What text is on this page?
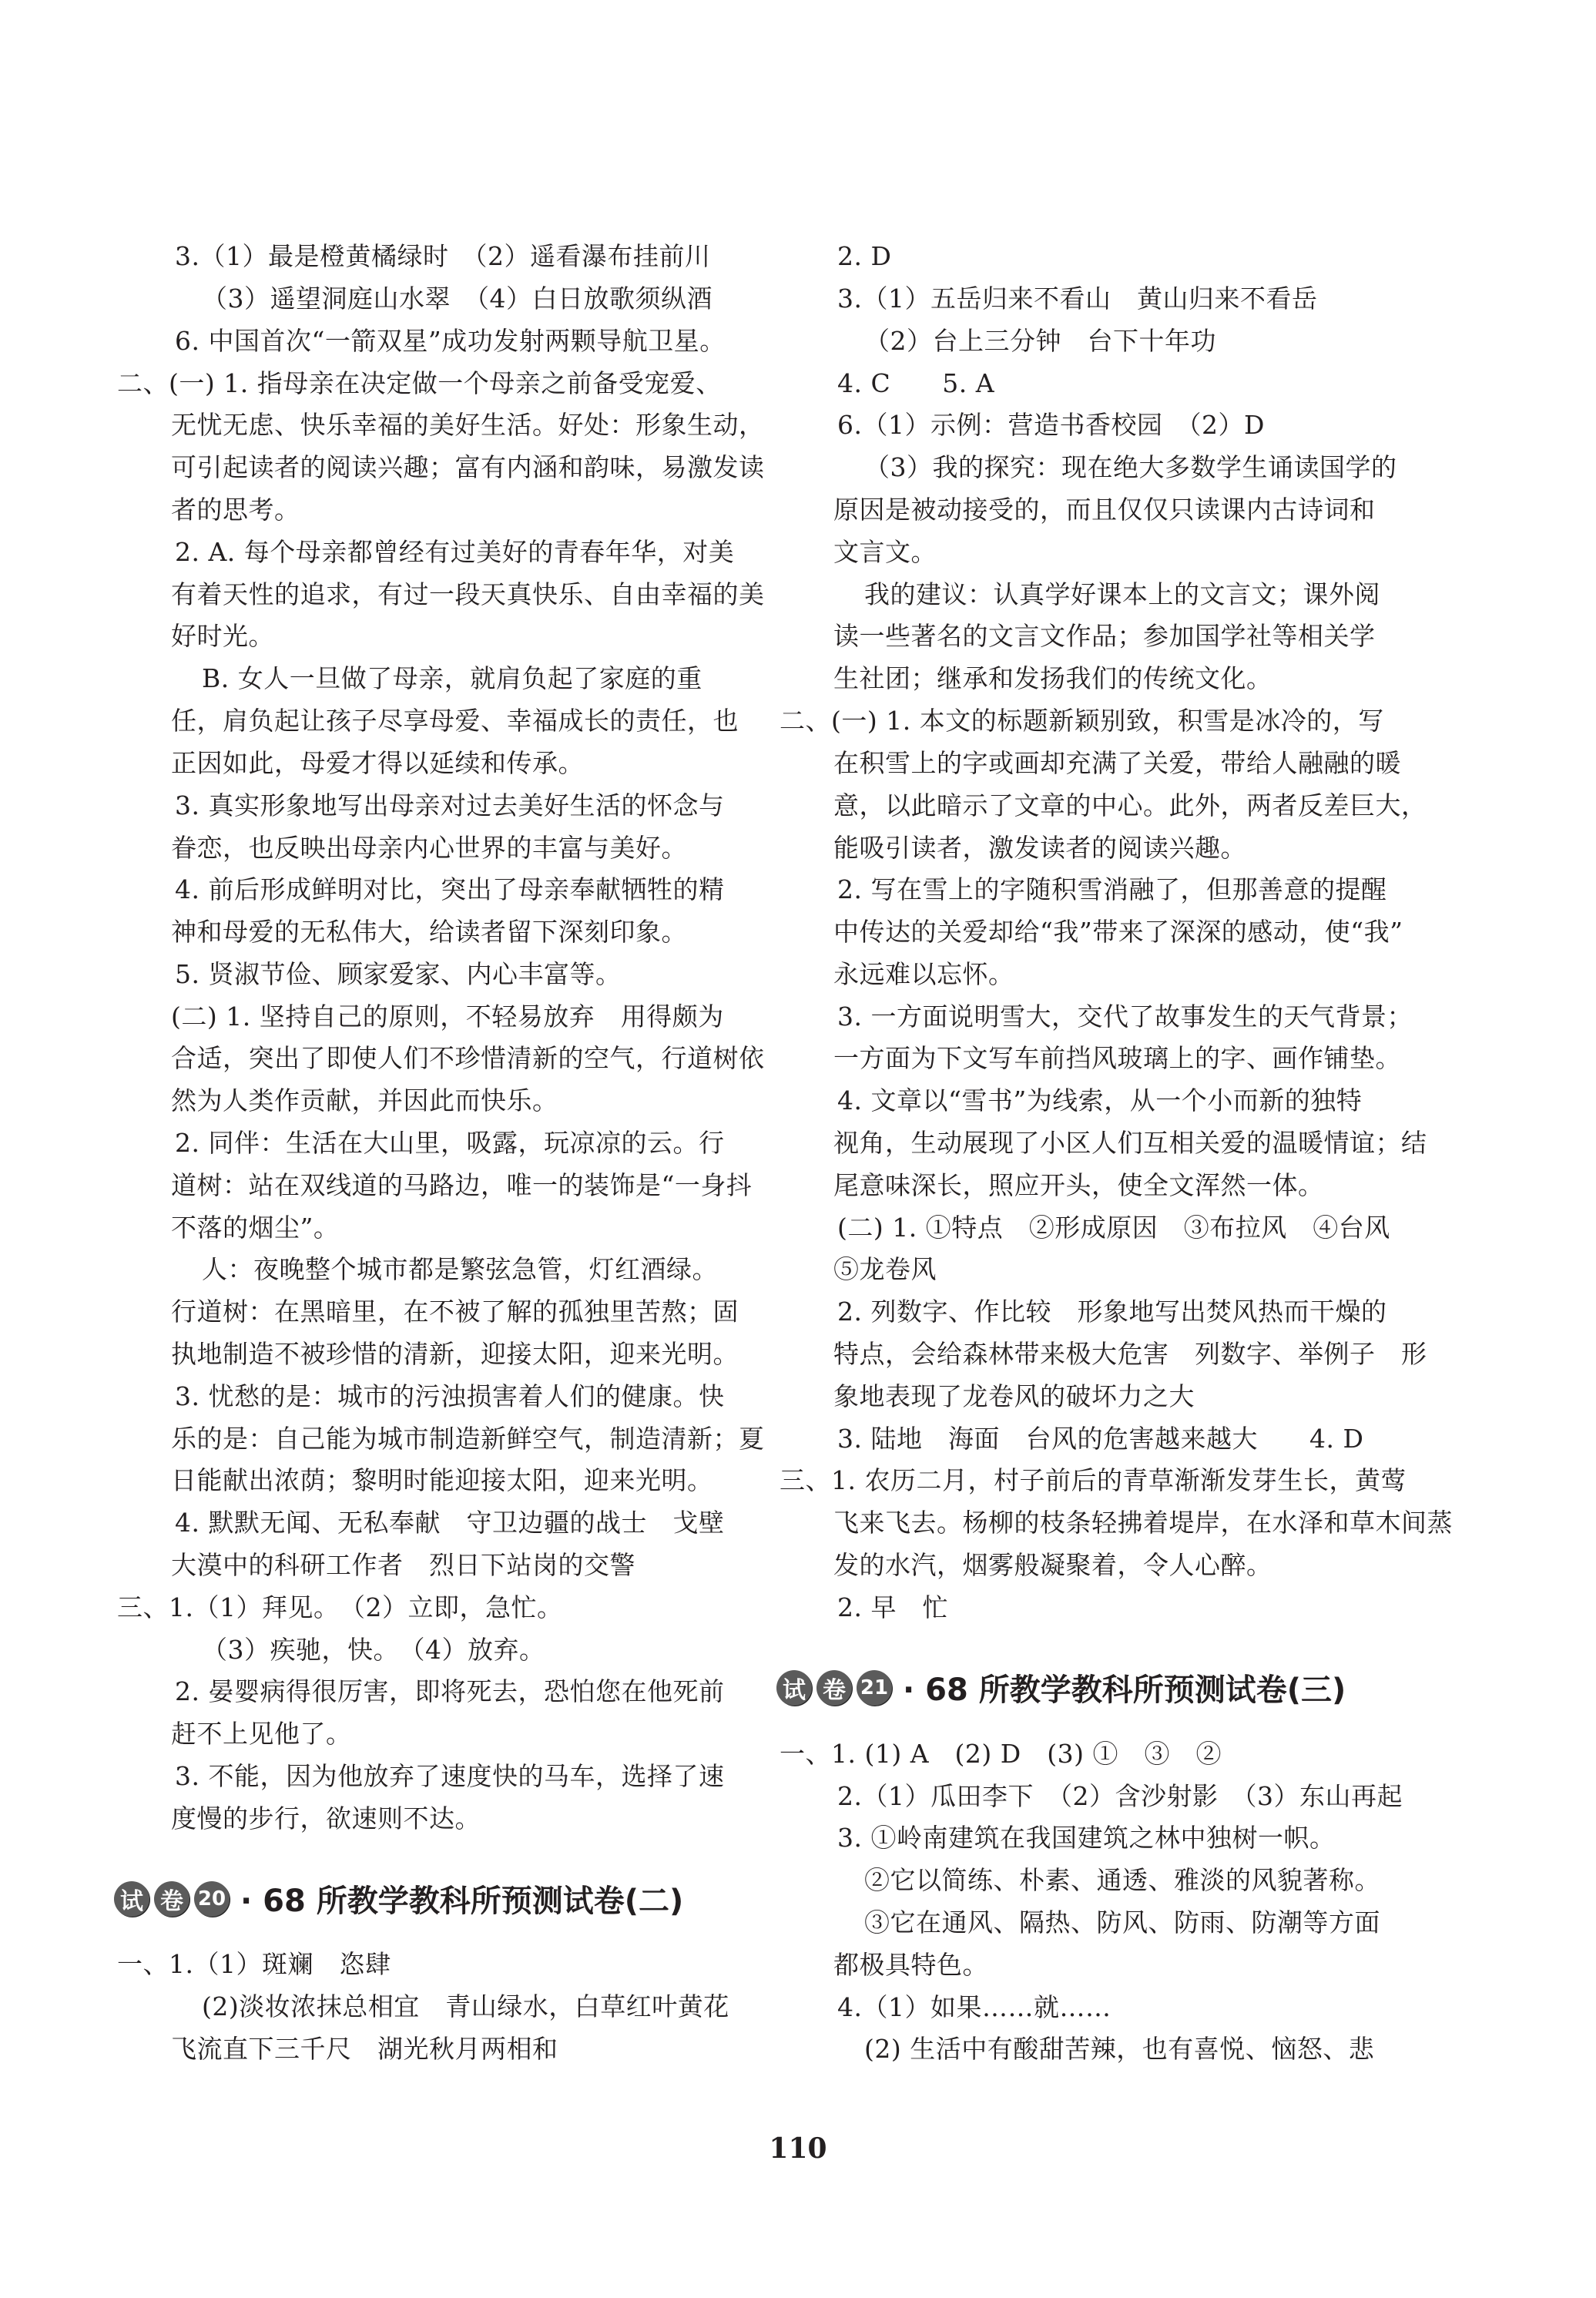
3.（1）最是橙黄橘绿时　（2）遥看瀑布挂前川
（3）遥望洞庭山水翠　（4）白日放歌须纵酒
6. 中国首次“一箭双星”成功发射两颗导航卫星。
二、(一) 1. 指母亲在决定做一个母亲之前备受宠爱、
无忧无虑、快乐幸福的美好生活。好处：形象生动，
可引起读者的阅读兴趣；富有内涵和韵味，易激发读
者的思考。
2. A. 每个母亲都曾经有过美好的青春年华，对美
有着天性的追求，有过一段天真快乐、自由幸福的美
好时光。
B. 女人一旦做了母亲，就肩负起了家庭的重
任，肩负起让孩子尽享母爱、幸福成长的责任，也
正因如此，母爱才得以延续和传承。
3. 真实形象地写出母亲对过去美好生活的怀念与
眷恋，也反映出母亲内心世界的丰富与美好。
4. 前后形成鲜明对比，突出了母亲奉献牺牲的精
神和母爱的无私伟大，给读者留下深刻印象。
5. 贤淑节俭、顾家爱家、内心丰富等。
(二) 1. 坚持自己的原则，不轻易放弃　用得颇为
合适，突出了即使人们不珍惜清新的空气，行道树依
然为人类作贡献，并因此而快乐。
2. 同伴：生活在大山里，吸露，玩凉凉的云。行
道树：站在双线道的马路边，唯一的装饰是“一身抖
不落的烟尘”。
人：夜晚整个城市都是繁弦急管，灯红酒绿。
行道树：在黑暗里，在不被了解的孤独里苦熬；固
执地制造不被珍惜的清新，迎接太阳，迎来光明。
3. 忧愁的是：城市的污浊损害着人们的健康。快
乐的是：自己能为城市制造新鲜空气，制造清新；夏
日能献出浓荫；黎明时能迎接太阳，迎来光明。
4. 默默无闻、无私奉献　守卫边疆的战士　戈壁
大漠中的科研工作者　烈日下站岗的交警
三、1.（1）拜见。　（2）立即，急忙。
（3）疾驰，快。　（4）放弃。
2. 晏婴病得很厉害，即将死去，恐怕您在他死前
赶不上见他了。
3. 不能，因为他放弃了速度快的马车，选择了速
度慢的步行，欲速则不达。
试 卷 20 · 68 所教学教科所预测试卷(二)
一、1.（1）斑斓　恣肆
(2)淡妆浓抹总相宜　青山绿水，白草红叶黄花
飞流直下三千尺　湖光秋月两相和
2. D
3.（1）五岳归来不看山　黄山归来不看岳
（2）台上三分钟　台下十年功
4. C　　5. A
6.（1）示例：营造书香校园　（2）D
（3）我的探究：现在绝大多数学生诵读国学的
原因是被动接受的，而且仅仅只读课内古诗词和
文言文。
我的建议：认真学好课本上的文言文；课外阅
读一些著名的文言文作品；参加国学社等相关学
生社团；继承和发扬我们的传统文化。
二、(一) 1. 本文的标题新颖别致，积雪是冰冷的，写
在积雪上的字或画却充满了关爱，带给人融融的暖
意，以此暗示了文章的中心。此外，两者反差巨大，
能吸引读者，激发读者的阅读兴趣。
2. 写在雪上的字随积雪消融了，但那善意的提醒
中传达的关爱却给“我”带来了深深的感动，使“我”
永远难以忘怀。
3. 一方面说明雪大，交代了故事发生的天气背景；
一方面为下文写车前挡风玻璃上的字、画作铺垫。
4. 文章以“雪书”为线索，从一个小而新的独特
视角，生动展现了小区人们互相关爱的温暖情谊；结
尾意味深长，照应开头，使全文浑然一体。
(二) 1. ①特点　②形成原因　③布拉风　④台风
⑤龙卷风
2. 列数字、作比较　形象地写出焚风热而干燥的
特点，会给森林带来极大危害　列数字、举例子　形
象地表现了龙卷风的破坏力之大
3. 陆地　海面　台风的危害越来越大　　4. D
三、1. 农历二月，村子前后的青草渐渐发芽生长，黄莺
飞来飞去。杨柳的枝条轻拂着堤岸，在水泽和草木间蒸
发的水汽，烟雾般凝聚着，令人心醉。
2. 早　忙
试 卷 21 · 68 所教学教科所预测试卷(三)
一、1. (1) A　(2) D　(3) ①　③　②
2.（1）瓜田李下　（2）含沙射影　（3）东山再起
3. ①岭南建筑在我国建筑之林中独树一帜。
②它以简练、朴素、通透、雅淡的风貌著称。
③它在通风、隔热、防风、防雨、防潮等方面
都极具特色。
4.（1）如果……就……
(2) 生活中有酸甜苦辣，也有喜悦、恼怒、悲
110
